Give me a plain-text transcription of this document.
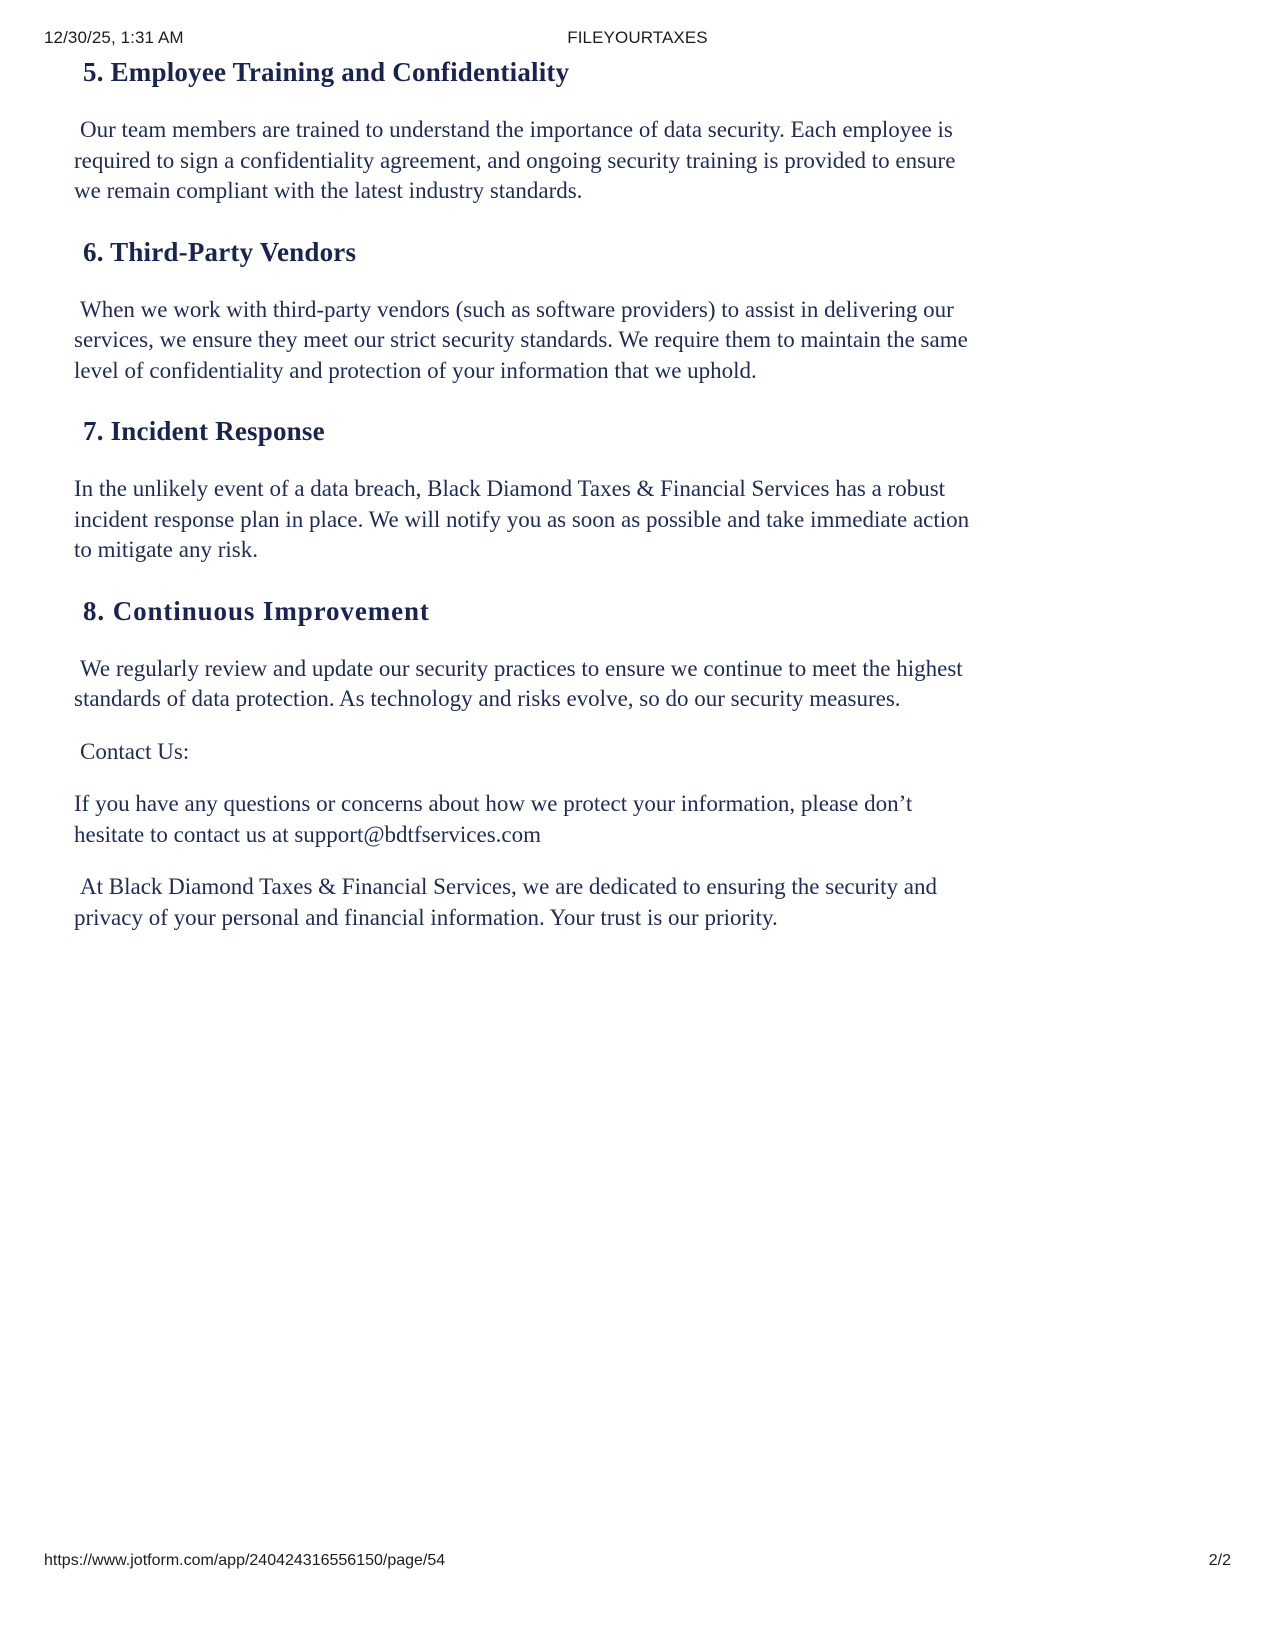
12/30/25, 1:31 AM	FILEYOURTAXES
5. Employee Training and Confidentiality

Our team members are trained to understand the importance of data security. Each employee is required to sign a confidentiality agreement, and ongoing security training is provided to ensure we remain compliant with the latest industry standards.

6. Third-Party Vendors

When we work with third-party vendors (such as software providers) to assist in delivering our services, we ensure they meet our strict security standards. We require them to maintain the same level of confidentiality and protection of your information that we uphold.

7. Incident Response

In the unlikely event of a data breach, Black Diamond Taxes & Financial Services has a robust incident response plan in place. We will notify you as soon as possible and take immediate action to mitigate any risk.

8. Continuous Improvement

We regularly review and update our security practices to ensure we continue to meet the highest standards of data protection. As technology and risks evolve, so do our security measures.

Contact Us:

If you have any questions or concerns about how we protect your information, please don’t hesitate to contact us at support@bdtfservices.com

At Black Diamond Taxes & Financial Services, we are dedicated to ensuring the security and privacy of your personal and financial information. Your trust is our priority.

https://www.jotform.com/app/240424316556150/page/54	2/2
